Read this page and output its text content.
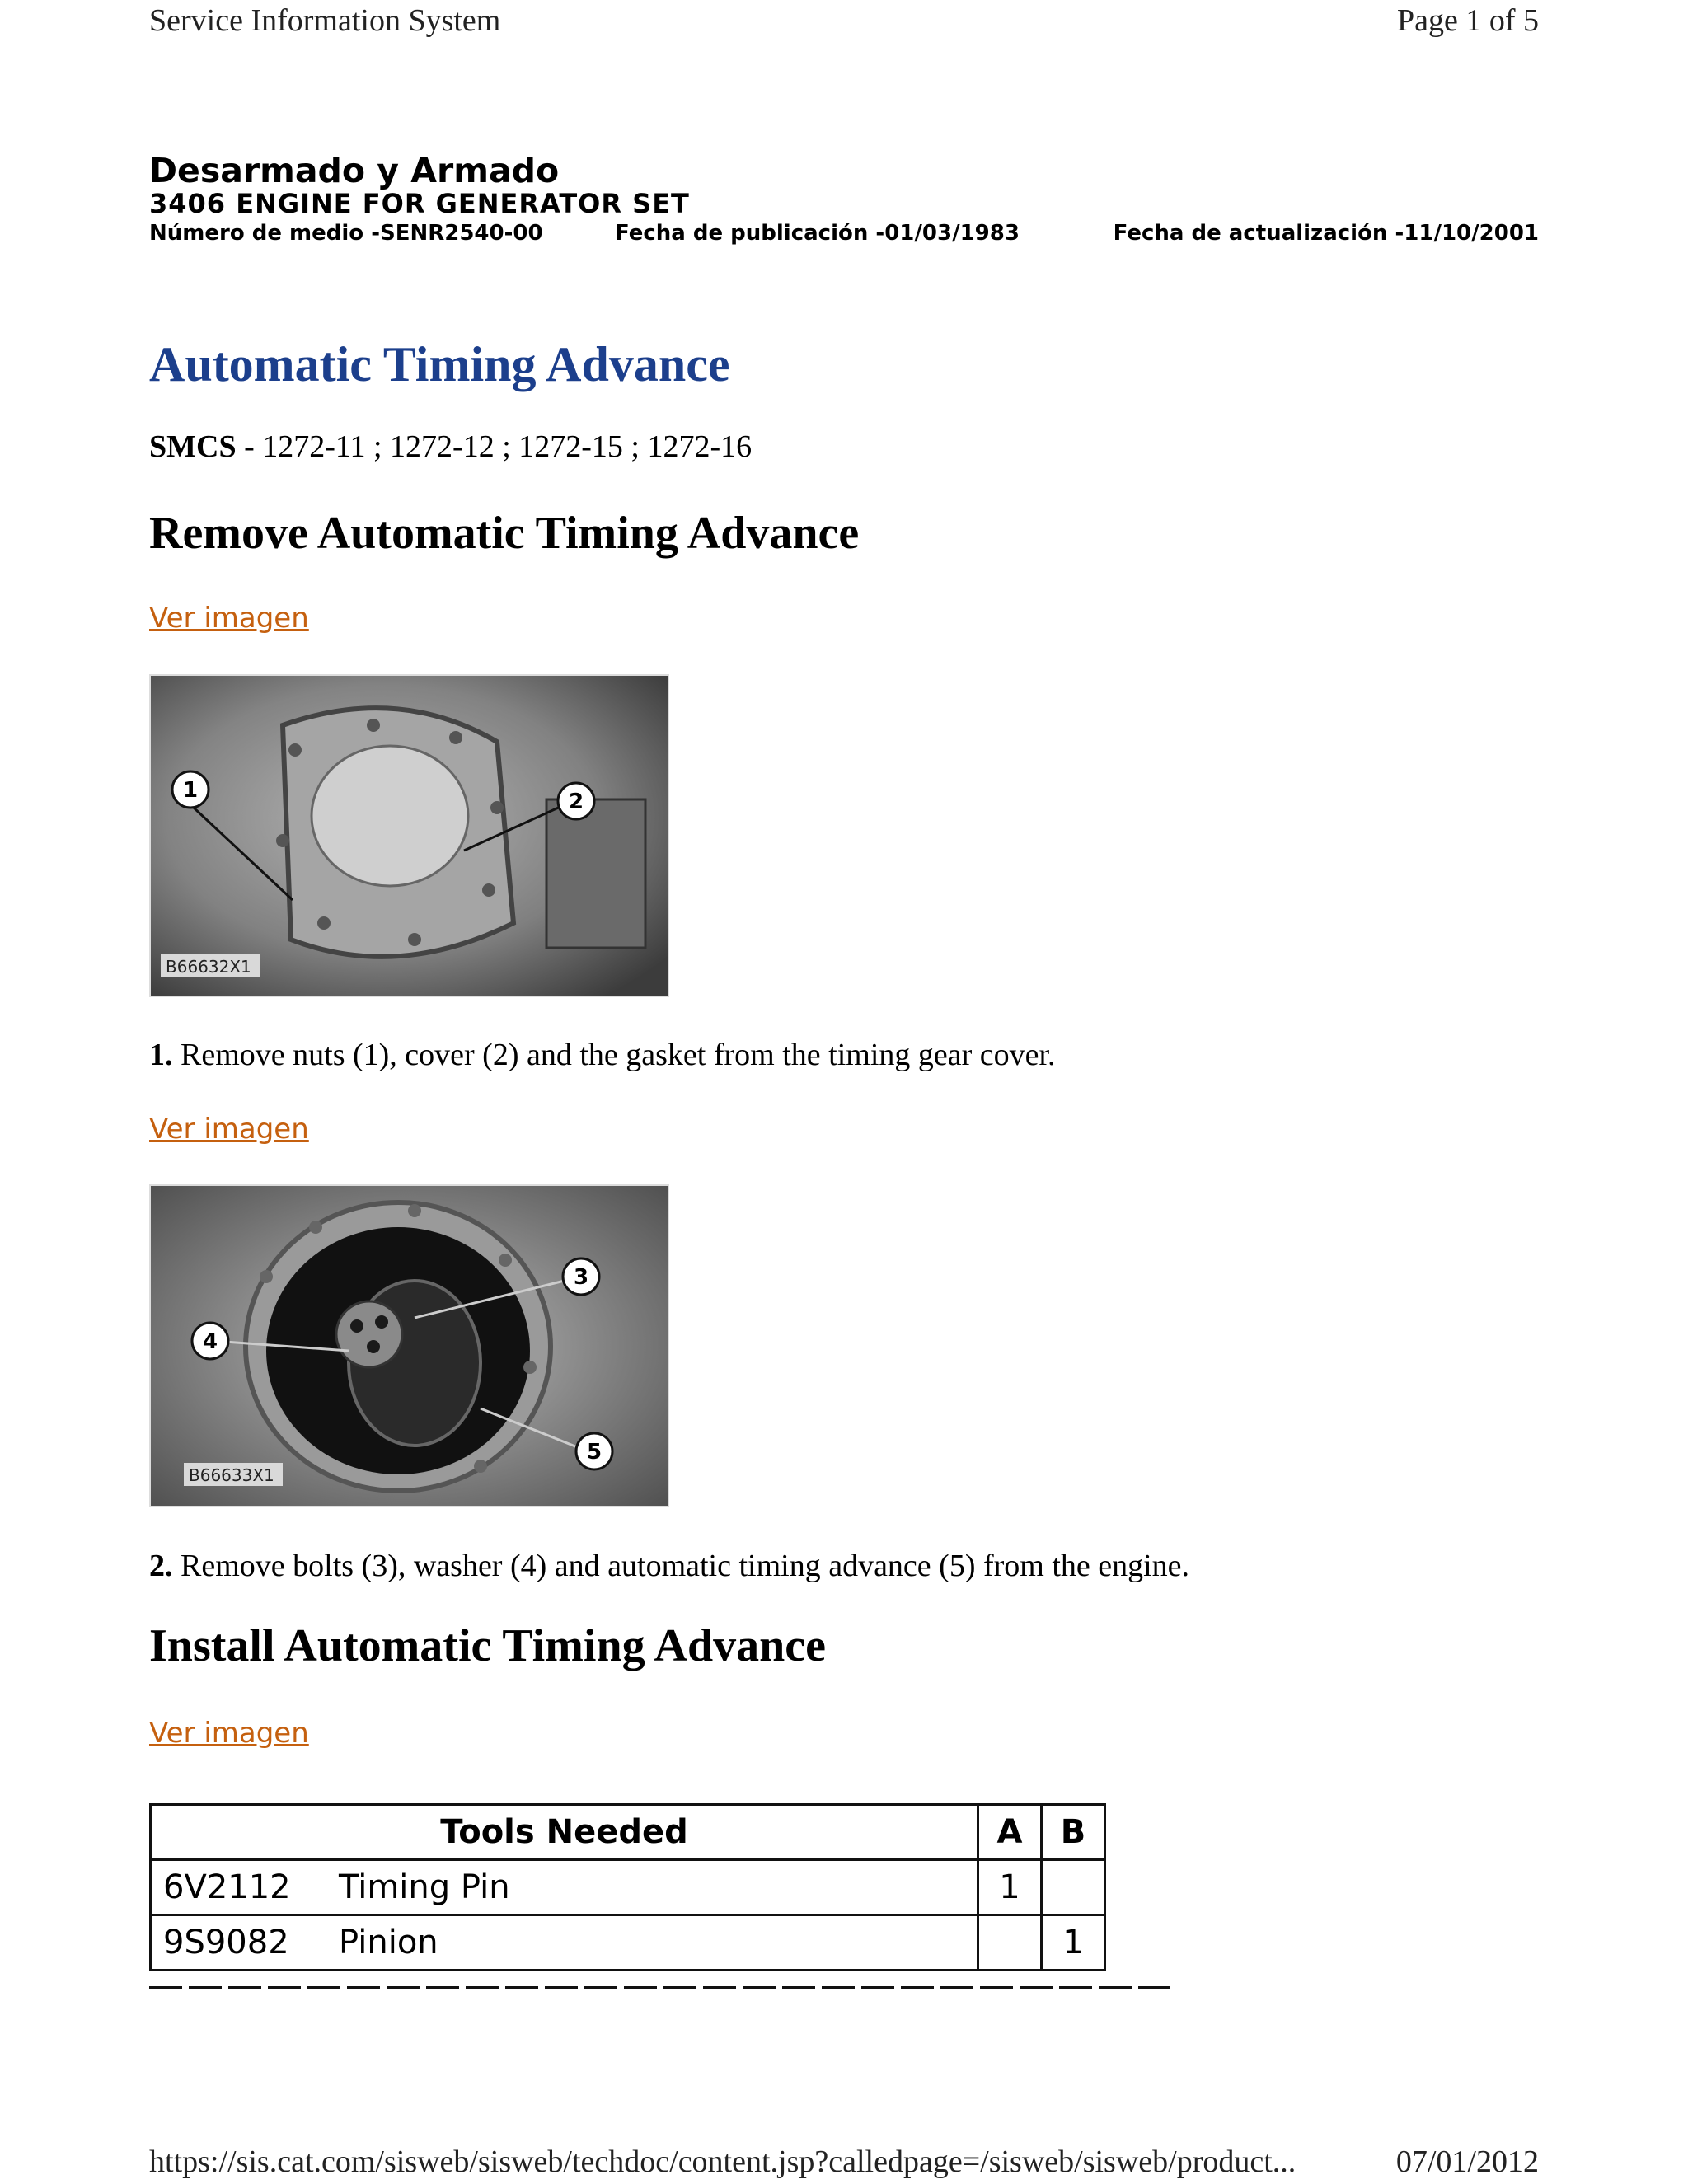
Service Information System	Page 1 of 5
Desarmado y Armado
3406 ENGINE FOR GENERATOR SET
Número de medio -SENR2540-00	Fecha de publicación -01/03/1983	Fecha de actualización -11/10/2001
Automatic Timing Advance
SMCS - 1272-11 ; 1272-12 ; 1272-15 ; 1272-16
Remove Automatic Timing Advance
Ver imagen
1	2
B66632X1
1. Remove nuts (1), cover (2) and the gasket from the timing gear cover.
Ver imagen
3
4
5
B66633X1
2. Remove bolts (3), washer (4) and automatic timing advance (5) from the engine.
Install Automatic Timing Advance
Ver imagen
Tools Needed		A	B
6V2112	Timing Pin	1	
9S9082	Pinion		1
https://sis.cat.com/sisweb/sisweb/techdoc/content.jsp?calledpage=/sisweb/sisweb/product...	07/01/2012
